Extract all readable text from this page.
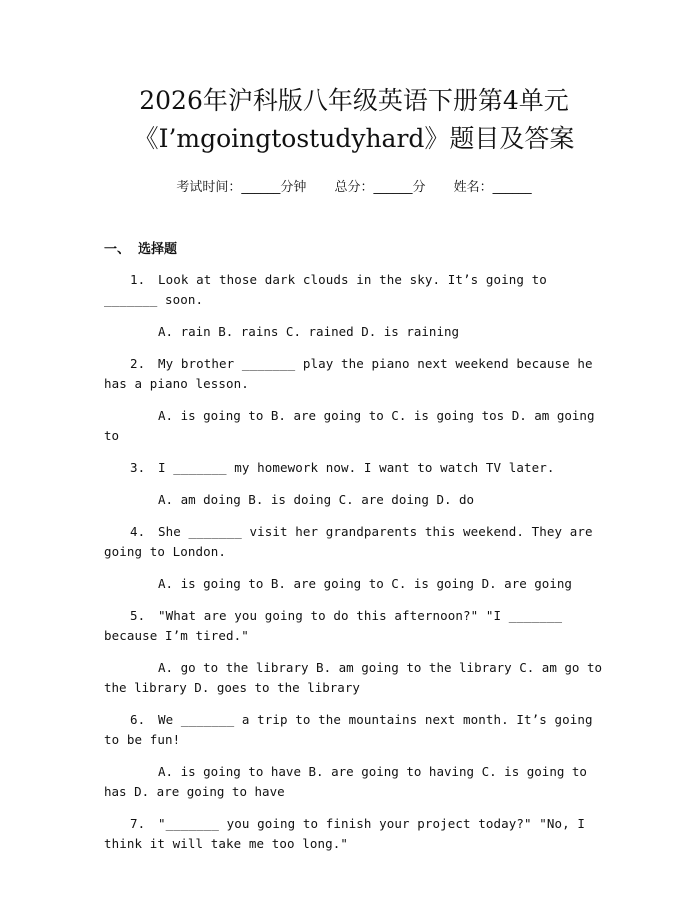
2026年沪科版八年级英语下册第4单元
《I’mgoingtostudyhard》题目及答案
考试时间：______分钟 总分：______分 姓名：______
一、 选择题

1. Look at those dark clouds in the sky. It’s going to _______ soon.

A. rain B. rains C. rained D. is raining

2. My brother _______ play the piano next weekend because he has a piano lesson.

A. is going to B. are going to C. is going tos D. am going to

3. I _______ my homework now. I want to watch TV later.

A. am doing B. is doing C. are doing D. do

4. She _______ visit her grandparents this weekend. They are going to London.

A. is going to B. are going to C. is going D. are going

5. "What are you going to do this afternoon?" "I _______ because I’m tired."

A. go to the library B. am going to the library C. am go to the library D. goes to the library

6. We _______ a trip to the mountains next month. It’s going to be fun!

A. is going to have B. are going to having C. is going to has D. are going to have

7. "_______ you going to finish your project today?" "No, I think it will take me too long."
